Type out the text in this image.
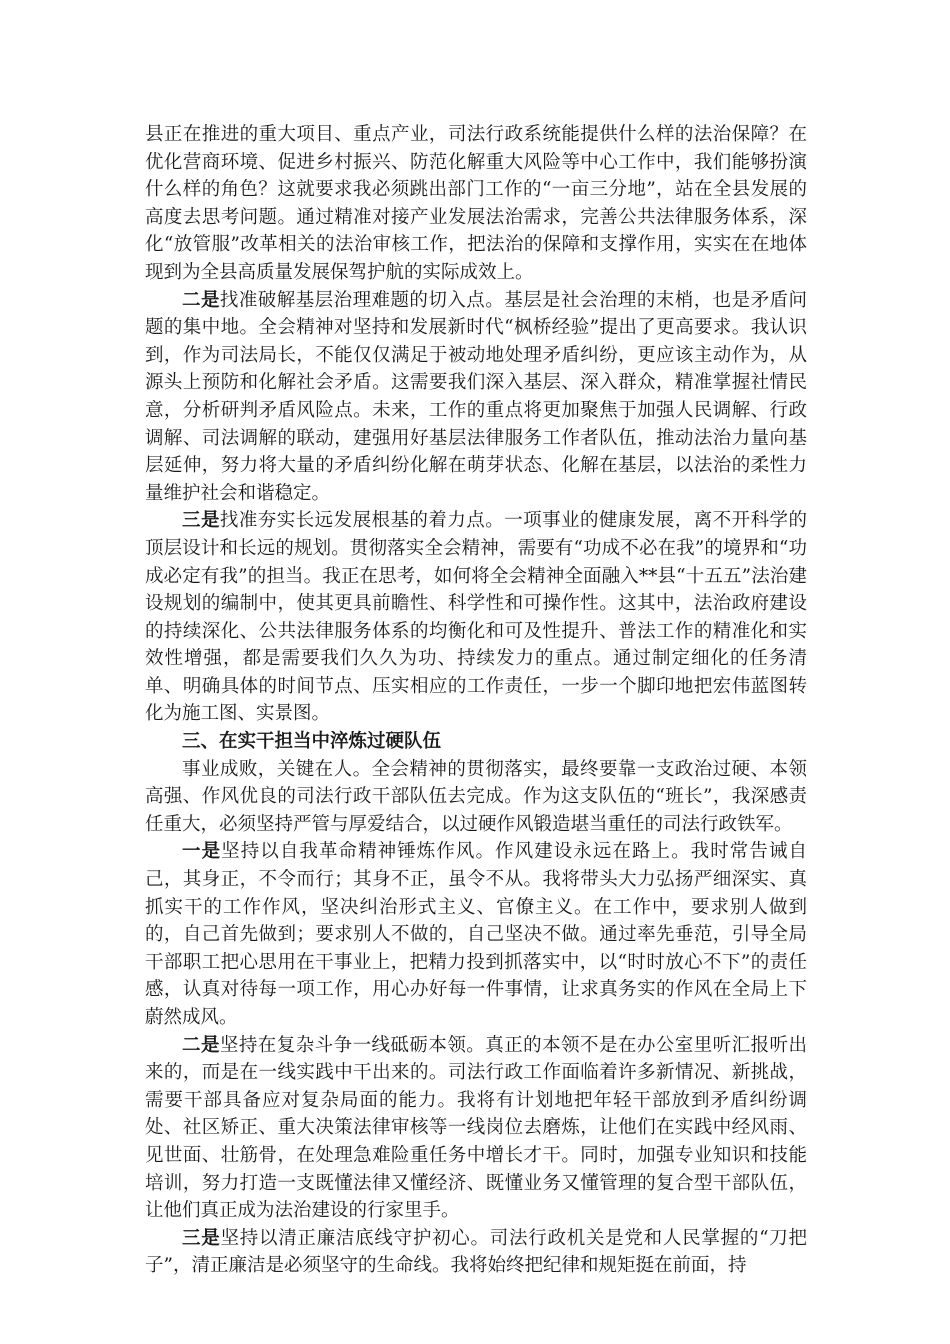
县正在推进的重大项目、重点产业，司法行政系统能提供什么样的法治保障？在优化营商环境、促进乡村振兴、防范化解重大风险等中心工作中，我们能够扮演什么样的角色？这就要求我必须跳出部门工作的“一亩三分地”，站在全县发展的高度去思考问题。通过精准对接产业发展法治需求，完善公共法律服务体系，深化“放管服”改革相关的法治审核工作，把法治的保障和支撑作用，实实在在地体现到为全县高质量发展保驾护航的实际成效上。

二是找准破解基层治理难题的切入点。基层是社会治理的末梢，也是矛盾问题的集中地。全会精神对坚持和发展新时代“枫桥经验”提出了更高要求。我认识到，作为司法局长，不能仅仅满足于被动地处理矛盾纠纷，更应该主动作为，从源头上预防和化解社会矛盾。这需要我们深入基层、深入群众，精准掌握社情民意，分析研判矛盾风险点。未来，工作的重点将更加聚焦于加强人民调解、行政调解、司法调解的联动，建强用好基层法律服务工作者队伍，推动法治力量向基层延伸，努力将大量的矛盾纠纷化解在萌芽状态、化解在基层，以法治的柔性力量维护社会和谐稳定。

三是找准夯实长远发展根基的着力点。一项事业的健康发展，离不开科学的顶层设计和长远的规划。贯彻落实全会精神，需要有“功成不必在我”的境界和“功成必定有我”的担当。我正在思考，如何将全会精神全面融入**县“十五五”法治建设规划的编制中，使其更具前瞻性、科学性和可操作性。这其中，法治政府建设的持续深化、公共法律服务体系的均衡化和可及性提升、普法工作的精准化和实效性增强，都是需要我们久久为功、持续发力的重点。通过制定细化的任务清单、明确具体的时间节点、压实相应的工作责任，一步一个脚印地把宏伟蓝图转化为施工图、实景图。

三、在实干担当中淬炼过硬队伍

事业成败，关键在人。全会精神的贯彻落实，最终要靠一支政治过硬、本领高强、作风优良的司法行政干部队伍去完成。作为这支队伍的“班长”，我深感责任重大，必须坚持严管与厚爱结合，以过硬作风锻造堪当重任的司法行政铁军。

一是坚持以自我革命精神锤炼作风。作风建设永远在路上。我时常告诫自己，其身正，不令而行；其身不正，虽令不从。我将带头大力弘扬严细深实、真抓实干的工作作风，坚决纠治形式主义、官僚主义。在工作中，要求别人做到的，自己首先做到；要求别人不做的，自己坚决不做。通过率先垂范，引导全局干部职工把心思用在干事业上，把精力投到抓落实中，以“时时放心不下”的责任感，认真对待每一项工作，用心办好每一件事情，让求真务实的作风在全局上下蔚然成风。

二是坚持在复杂斗争一线砥砺本领。真正的本领不是在办公室里听汇报听出来的，而是在一线实践中干出来的。司法行政工作面临着许多新情况、新挑战，需要干部具备应对复杂局面的能力。我将有计划地把年轻干部放到矛盾纠纷调处、社区矫正、重大决策法律审核等一线岗位去磨炼，让他们在实践中经风雨、见世面、壮筋骨，在处理急难险重任务中增长才干。同时，加强专业知识和技能培训，努力打造一支既懂法律又懂经济、既懂业务又懂管理的复合型干部队伍，让他们真正成为法治建设的行家里手。

三是坚持以清正廉洁底线守护初心。司法行政机关是党和人民掌握的“刀把子”，清正廉洁是必须坚守的生命线。我将始终把纪律和规矩挺在前面，持
